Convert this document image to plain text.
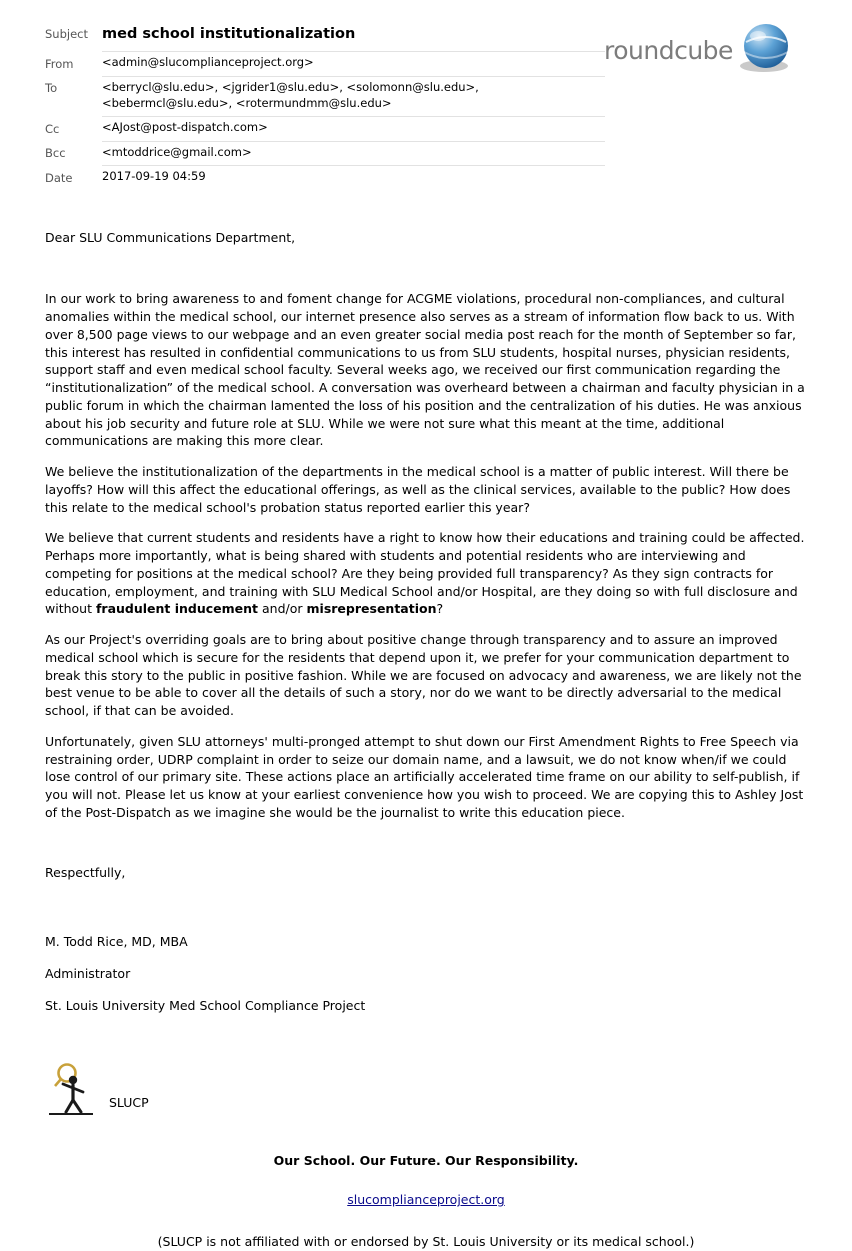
Subject	med school institutionalization
From	<admin@slucomplianceproject.org>
To	<berrycl@slu.edu>, <jgrider1@slu.edu>, <solomonn@slu.edu>, <bebermcl@slu.edu>, <rotermundmm@slu.edu>
Cc	<AJost@post-dispatch.com>
Bcc	<mtoddrice@gmail.com>
Date	2017-09-19 04:59
roundcube

Dear SLU Communications Department,

In our work to bring awareness to and foment change for ACGME violations, procedural non-compliances, and cultural anomalies within the medical school, our internet presence also serves as a stream of information flow back to us. With over 8,500 page views to our webpage and an even greater social media post reach for the month of September so far, this interest has resulted in confidential communications to us from SLU students, hospital nurses, physician residents, support staff and even medical school faculty. Several weeks ago, we received our first communication regarding the “institutionalization” of the medical school. A conversation was overheard between a chairman and faculty physician in a public forum in which the chairman lamented the loss of his position and the centralization of his duties. He was anxious about his job security and future role at SLU. While we were not sure what this meant at the time, additional communications are making this more clear.

We believe the institutionalization of the departments in the medical school is a matter of public interest. Will there be layoffs? How will this affect the educational offerings, as well as the clinical services, available to the public? How does this relate to the medical school's probation status reported earlier this year?

We believe that current students and residents have a right to know how their educations and training could be affected. Perhaps more importantly, what is being shared with students and potential residents who are interviewing and competing for positions at the medical school? Are they being provided full transparency? As they sign contracts for education, employment, and training with SLU Medical School and/or Hospital, are they doing so with full disclosure and without fraudulent inducement and/or misrepresentation?

As our Project's overriding goals are to bring about positive change through transparency and to assure an improved medical school which is secure for the residents that depend upon it, we prefer for your communication department to break this story to the public in positive fashion. While we are focused on advocacy and awareness, we are likely not the best venue to be able to cover all the details of such a story, nor do we want to be directly adversarial to the medical school, if that can be avoided.

Unfortunately, given SLU attorneys' multi-pronged attempt to shut down our First Amendment Rights to Free Speech via restraining order, UDRP complaint in order to seize our domain name, and a lawsuit, we do not know when/if we could lose control of our primary site. These actions place an artificially accelerated time frame on our ability to self-publish, if you will not. Please let us know at your earliest convenience how you wish to proceed. We are copying this to Ashley Jost of the Post-Dispatch as we imagine she would be the journalist to write this education piece.

Respectfully,

M. Todd Rice, MD, MBA

Administrator

St. Louis University Med School Compliance Project

SLUCP
Our School. Our Future. Our Responsibility.
slucomplianceproject.org
(SLUCP is not affiliated with or endorsed by St. Louis University or its medical school.)
